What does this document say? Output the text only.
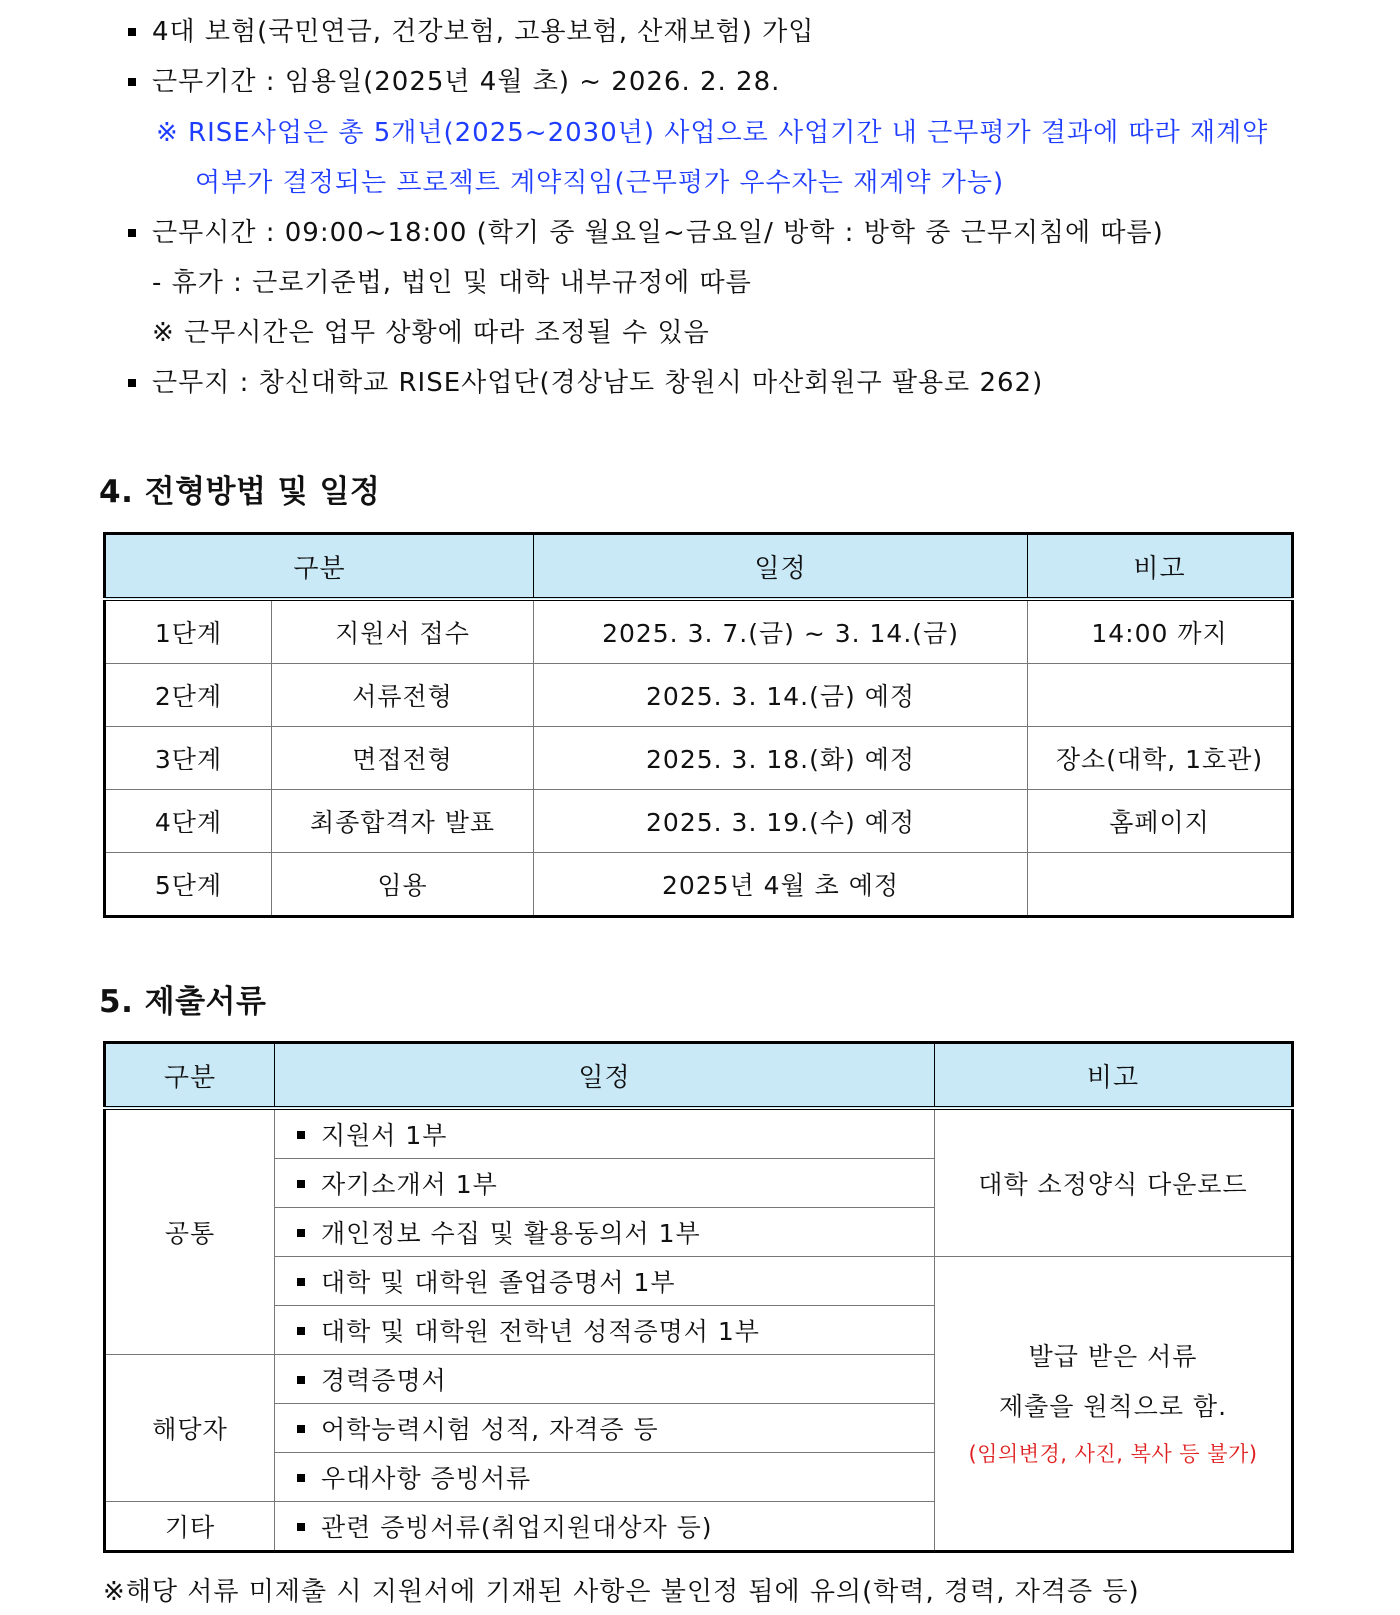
4대 보험(국민연금, 건강보험, 고용보험, 산재보험) 가입
근무기간 : 임용일(2025년 4월 초) ~ 2026. 2. 28.
※ RISE사업은 총 5개년(2025~2030년) 사업으로 사업기간 내 근무평가 결과에 따라 재계약
여부가 결정되는 프로젝트 계약직임(근무평가 우수자는 재계약 가능)
근무시간 : 09:00~18:00 (학기 중 월요일~금요일/ 방학 : 방학 중 근무지침에 따름)
- 휴가 : 근로기준법, 법인 및 대학 내부규정에 따름
※ 근무시간은 업무 상황에 따라 조정될 수 있음
근무지 : 창신대학교 RISE사업단(경상남도 창원시 마산회원구 팔용로 262)
4. 전형방법 및 일정
구분		일정	비고
1단계	지원서 접수	2025. 3. 7.(금) ~ 3. 14.(금)	14:00 까지
2단계	서류전형	2025. 3. 14.(금) 예정	
3단계	면접전형	2025. 3. 18.(화) 예정	장소(대학, 1호관)
4단계	최종합격자 발표	2025. 3. 19.(수) 예정	홈페이지
5단계	임용	2025년 4월 초 예정	
5. 제출서류
구분	일정	비고
공통	지원서 1부	대학 소정양식 다운로드
	자기소개서 1부	
	개인정보 수집 및 활용동의서 1부	
	대학 및 대학원 졸업증명서 1부	발급 받은 서류
제출을 원칙으로 함.
(임의변경, 사진, 복사 등 불가)

	대학 및 대학원 전학년 성적증명서 1부	
해당자	경력증명서	
	어학능력시험 성적, 자격증 등	
	우대사항 증빙서류	
기타	관련 증빙서류(취업지원대상자 등)	
※해당 서류 미제출 시 지원서에 기재된 사항은 불인정 됨에 유의(학력, 경력, 자격증 등)
